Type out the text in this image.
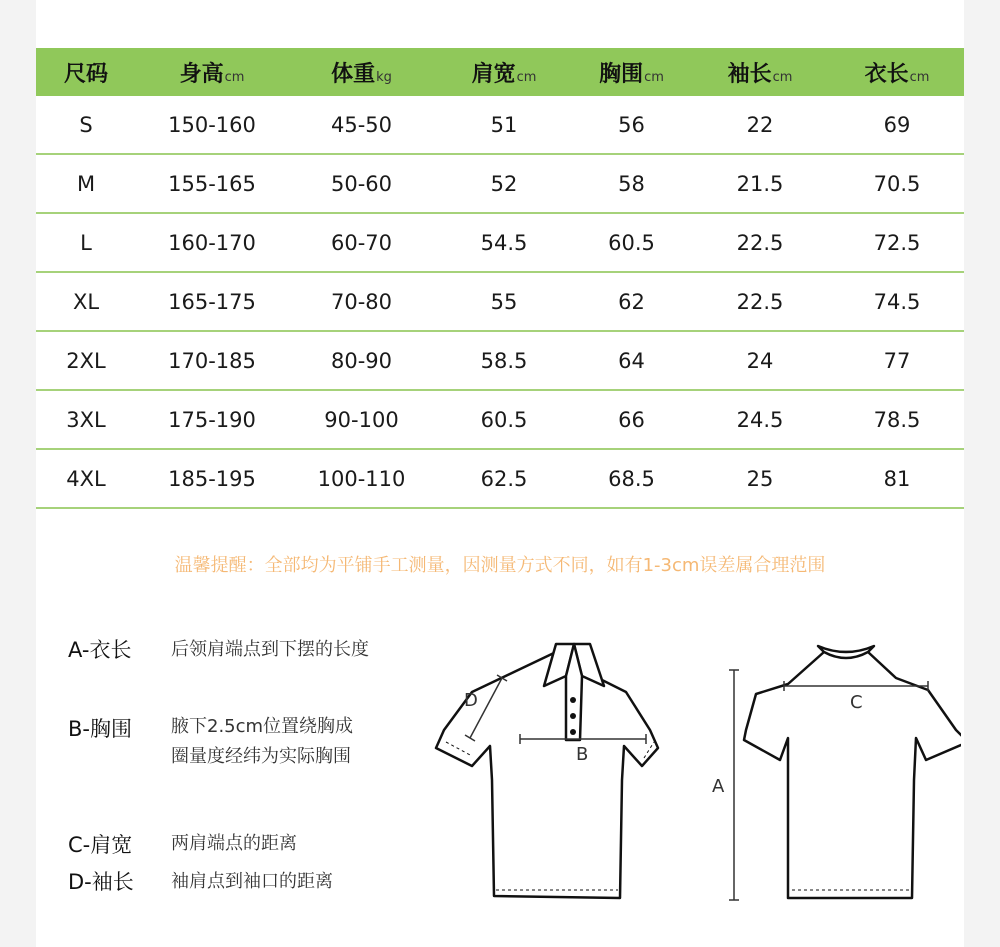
尺码	身高cm	体重kg	肩宽cm	胸围cm	袖长cm	衣长cm
S	150-160	45-50	51	56	22	69
M	155-165	50-60	52	58	21.5	70.5
L	160-170	60-70	54.5	60.5	22.5	72.5
XL	165-175	70-80	55	62	22.5	74.5
2XL	170-185	80-90	58.5	64	24	77
3XL	175-190	90-100	60.5	66	24.5	78.5
4XL	185-195	100-110	62.5	68.5	25	81
温馨提醒：全部均为平铺手工测量，因测量方式不同，如有1-3cm误差属合理范围
A-衣长 后领肩端点到下摆的长度
B-胸围 腋下2.5cm位置绕胸成圈量度经纬为实际胸围
C-肩宽 两肩端点的距离
D-袖长 袖肩点到袖口的距离
D
B
C
A
